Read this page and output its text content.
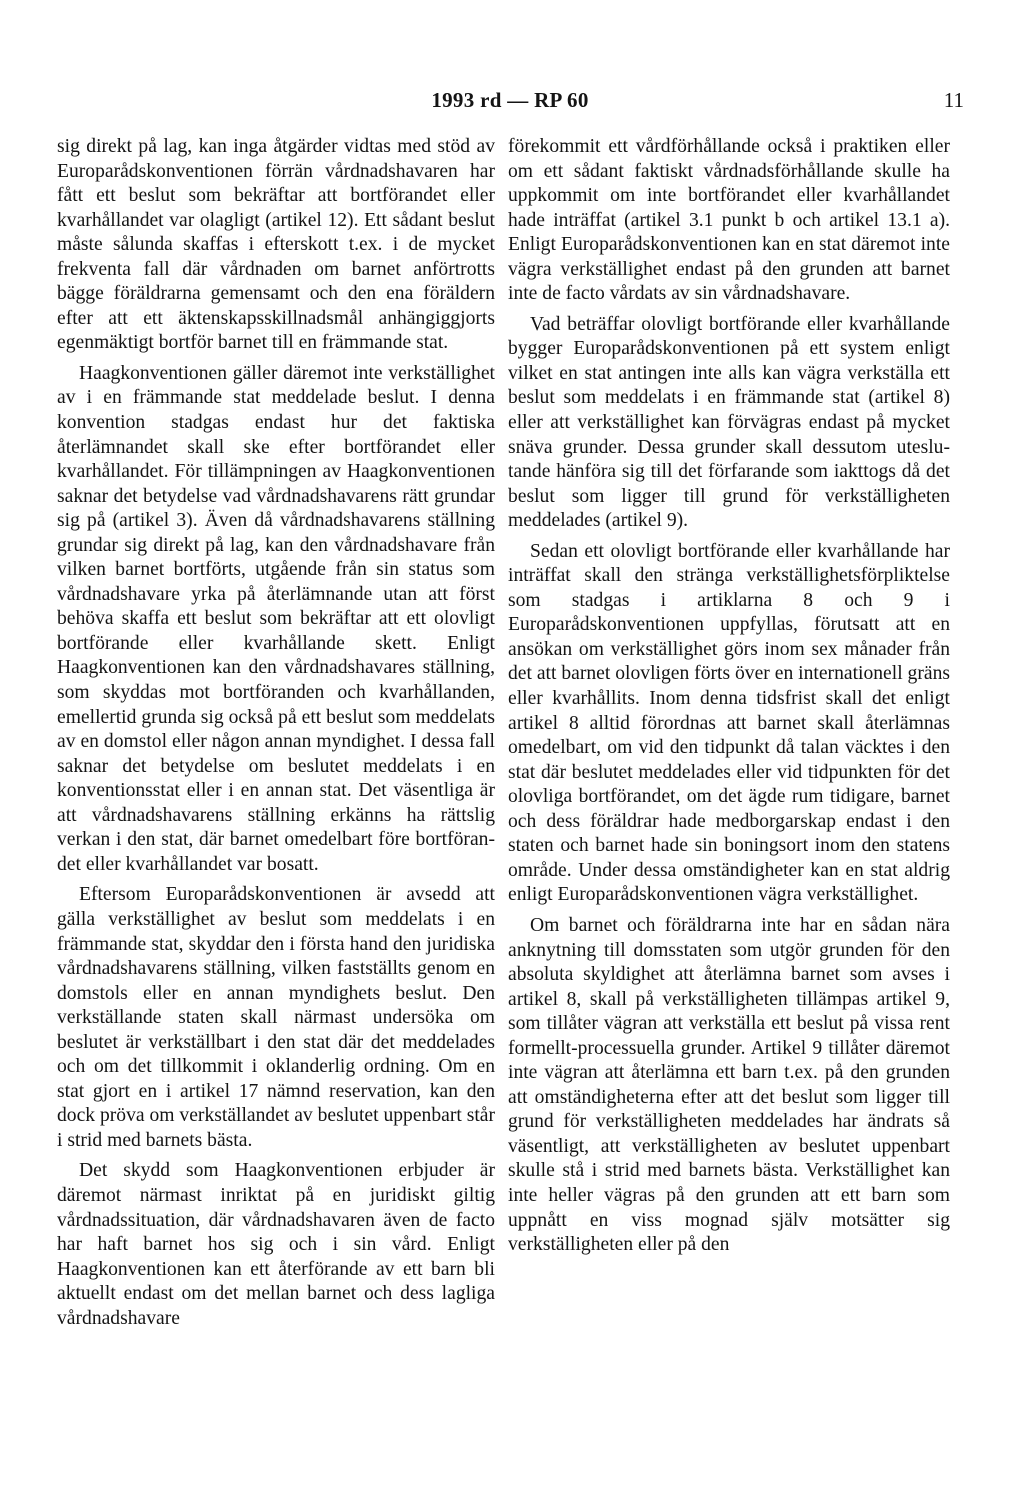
1993 rd — RP 60	11

sig direkt på lag, kan inga åtgärder vidtas med stöd av Europarådskonventionen förrän vårdnadshavaren har fått ett beslut som bekräftar att bortförandet eller kvarhållandet var olagligt (artikel 12). Ett sådant beslut måste sålunda skaffas i efterskott t.ex. i de mycket frekventa fall där vårdnaden om barnet anförtrotts bägge föräldrarna gemensamt och den ena föräldern efter att ett äktenskapsskillnadsmål anhängiggjorts egenmäktigt bortför barnet till en främmande stat.

Haagkonventionen gäller däremot inte verkställighet av i en främmande stat meddelade beslut. I denna konvention stadgas endast hur det faktiska återlämnandet skall ske efter bortförandet eller kvarhållandet. För tillämpningen av Haagkonventionen saknar det betydelse vad vårdnadshavarens rätt grundar sig på (artikel 3). Även då vårdnadshavarens ställning grundar sig direkt på lag, kan den vårdnadshavare från vilken barnet bortförts, utgående från sin status som vårdnadshavare yrka på återlämnande utan att först behöva skaffa ett beslut som bekräftar att ett olovligt bortförande eller kvarhållande skett. Enligt Haagkonventionen kan den vårdnadshavares ställning, som skyddas mot bortföranden och kvarhållanden, emellertid grunda sig också på ett beslut som meddelats av en domstol eller någon annan myndighet. I dessa fall saknar det betydelse om beslutet meddelats i en konventionsstat eller i en annan stat. Det väsentliga är att vårdnadshavarens ställning erkänns ha rättslig verkan i den stat, där barnet omedelbart före bortförandet eller kvarhållandet var bosatt.

Eftersom Europarådskonventionen är avsedd att gälla verkställighet av beslut som meddelats i en främmande stat, skyddar den i första hand den juridiska vårdnadshavarens ställning, vilken fastställts genom en domstols eller en annan myndighets beslut. Den verkställande staten skall närmast undersöka om beslutet är verkställbart i den stat där det meddelades och om det tillkommit i oklanderlig ordning. Om en stat gjort en i artikel 17 nämnd reservation, kan den dock pröva om verkställandet av beslutet uppenbart står i strid med barnets bästa.

Det skydd som Haagkonventionen erbjuder är däremot närmast inriktat på en juridiskt giltig vårdnadssituation, där vårdnadshavaren även de facto har haft barnet hos sig och i sin vård. Enligt Haagkonventionen kan ett återförande av ett barn bli aktuellt endast om det mellan barnet och dess lagliga vårdnadshavare

förekommit ett vårdförhållande också i praktiken eller om ett sådant faktiskt vårdnadsförhållande skulle ha uppkommit om inte bortförandet eller kvarhållandet hade inträffat (artikel 3.1 punkt b och artikel 13.1 a). Enligt Europarådskonventionen kan en stat däremot inte vägra verkställighet endast på den grunden att barnet inte de facto vårdats av sin vårdnadshavare.

Vad beträffar olovligt bortförande eller kvarhållande bygger Europarådskonventionen på ett system enligt vilket en stat antingen inte alls kan vägra verkställa ett beslut som meddelats i en främmande stat (artikel 8) eller att verkställighet kan förvägras endast på mycket snäva grunder. Dessa grunder skall dessutom uteslutande hänföra sig till det förfarande som iakttogs då det beslut som ligger till grund för verkställigheten meddelades (artikel 9).

Sedan ett olovligt bortförande eller kvarhållande har inträffat skall den stränga verkställighetsförpliktelse som stadgas i artiklarna 8 och 9 i Europarådskonventionen uppfyllas, förutsatt att en ansökan om verkställighet görs inom sex månader från det att barnet olovligen förts över en internationell gräns eller kvarhållits. Inom denna tidsfrist skall det enligt artikel 8 alltid förordnas att barnet skall återlämnas omedelbart, om vid den tidpunkt då talan väcktes i den stat där beslutet meddelades eller vid tidpunkten för det olovliga bortförandet, om det ägde rum tidigare, barnet och dess föräldrar hade medborgarskap endast i den staten och barnet hade sin boningsort inom den statens område. Under dessa omständigheter kan en stat aldrig enligt Europarådskonventionen vägra verkställighet.

Om barnet och föräldrarna inte har en sådan nära anknytning till domsstaten som utgör grunden för den absoluta skyldighet att återlämna barnet som avses i artikel 8, skall på verkställigheten tillämpas artikel 9, som tillåter vägran att verkställa ett beslut på vissa rent formellt-processuella grunder. Artikel 9 tillåter däremot inte vägran att återlämna ett barn t.ex. på den grunden att omständigheterna efter att det beslut som ligger till grund för verkställigheten meddelades har ändrats så väsentligt, att verkställigheten av beslutet uppenbart skulle stå i strid med barnets bästa. Verkställighet kan inte heller vägras på den grunden att ett barn som uppnått en viss mognad själv motsätter sig verkställigheten eller på den
